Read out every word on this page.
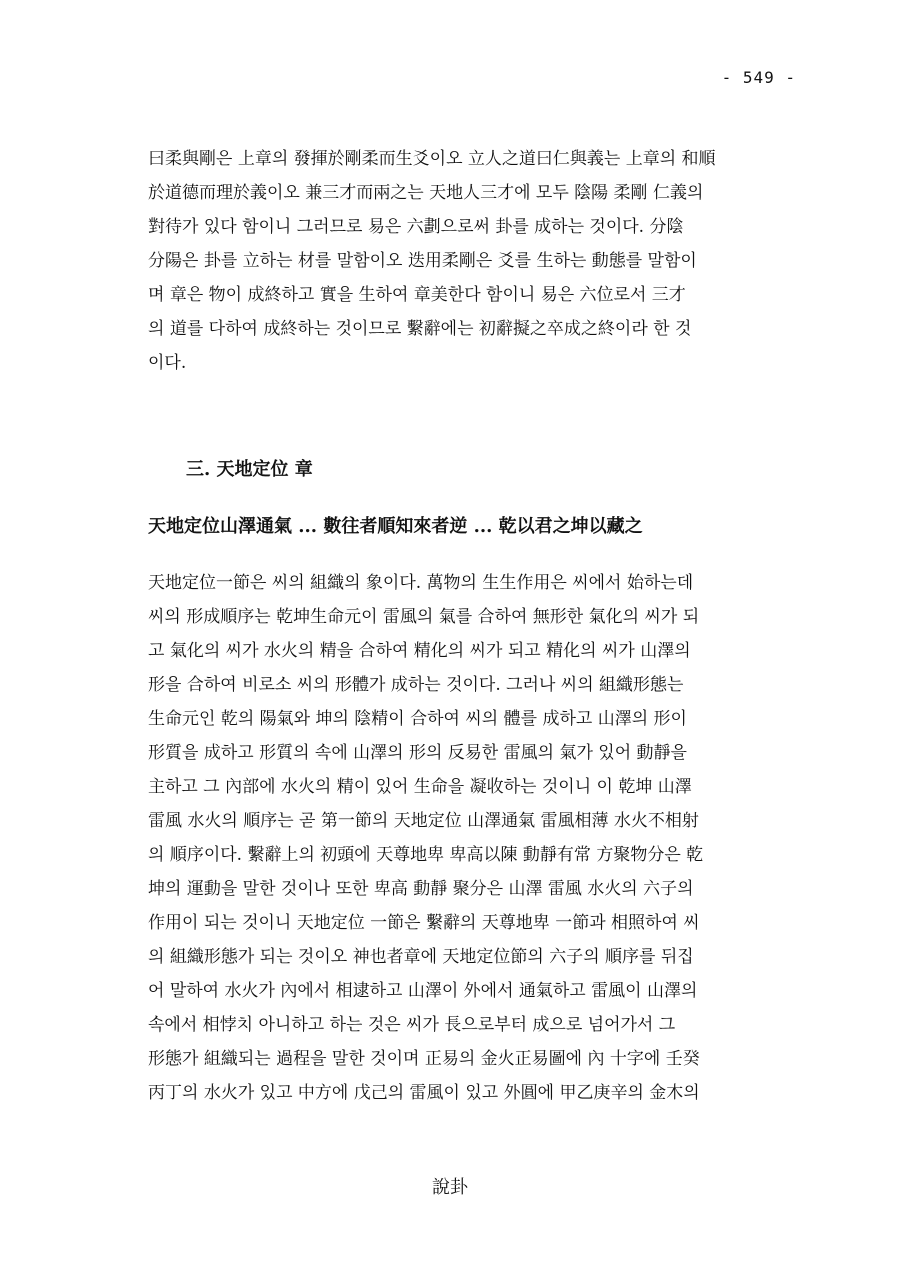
- 549 -
曰柔與剛은 上章의 發揮於剛柔而生爻이오 立人之道曰仁與義는 上章의 和順
於道德而理於義이오 兼三才而兩之는 天地人三才에 모두 陰陽 柔剛 仁義의
對待가 있다 함이니 그러므로 易은 六劃으로써 卦를 成하는 것이다. 分陰
分陽은 卦를 立하는 材를 말함이오 迭用柔剛은 爻를 生하는 動態를 말함이
며 章은 物이 成終하고 實을 生하여 章美한다 함이니 易은 六位로서 三才
의 道를 다하여 成終하는 것이므로 繫辭에는 初辭擬之卒成之終이라 한 것
이다.
三. 天地定位 章
天地定位山澤通氣 ... 數往者順知來者逆 ... 乾以君之坤以藏之
天地定位一節은 씨의 組織의 象이다. 萬物의 生生作用은 씨에서 始하는데
씨의 形成順序는 乾坤生命元이 雷風의 氣를 合하여 無形한 氣化의 씨가 되
고 氣化의 씨가 水火의 精을 合하여 精化의 씨가 되고 精化의 씨가 山澤의
形을 合하여 비로소 씨의 形體가 成하는 것이다. 그러나 씨의 組織形態는
生命元인 乾의 陽氣와 坤의 陰精이 合하여 씨의 體를 成하고 山澤의 形이
形質을 成하고 形質의 속에 山澤의 形의 反易한 雷風의 氣가 있어 動靜을
主하고 그 內部에 水火의 精이 있어 生命을 凝收하는 것이니 이 乾坤 山澤
雷風 水火의 順序는 곧 第一節의 天地定位 山澤通氣 雷風相薄 水火不相射
의 順序이다. 繫辭上의 初頭에 天尊地卑 卑高以陳 動靜有常 方聚物分은 乾
坤의 運動을 말한 것이나 또한 卑高 動靜 聚分은 山澤 雷風 水火의 六子의
作用이 되는 것이니 天地定位 一節은 繫辭의 天尊地卑 一節과 相照하여 씨
의 組織形態가 되는 것이오 神也者章에 天地定位節의 六子의 順序를 뒤집
어 말하여 水火가 內에서 相逮하고 山澤이 外에서 通氣하고 雷風이 山澤의
속에서 相悖치 아니하고 하는 것은 씨가 長으로부터 成으로 넘어가서 그
形態가 組織되는 過程을 말한 것이며 正易의 金火正易圖에 內 十字에 壬癸
丙丁의 水火가 있고 中方에 戊己의 雷風이 있고 外圓에 甲乙庚辛의 金木의
說卦
